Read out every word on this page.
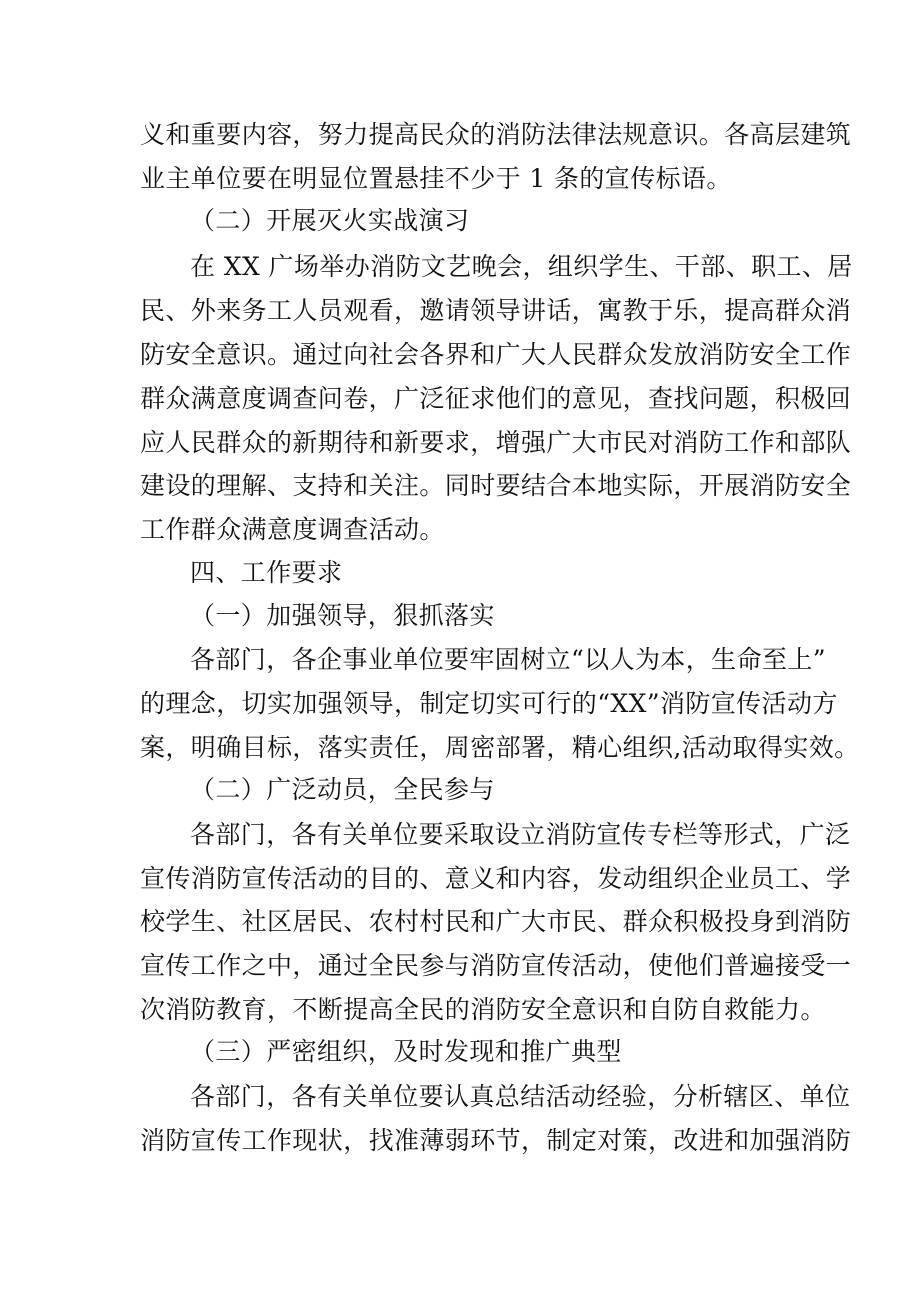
义和重要内容，努力提高民众的消防法律法规意识。各高层建筑
业主单位要在明显位置悬挂不少于 1 条的宣传标语。
（二）开展灭火实战演习
在 XX 广场举办消防文艺晚会，组织学生、干部、职工、居
民、外来务工人员观看，邀请领导讲话，寓教于乐，提高群众消
防安全意识。通过向社会各界和广大人民群众发放消防安全工作
群众满意度调查问卷，广泛征求他们的意见，查找问题，积极回
应人民群众的新期待和新要求，增强广大市民对消防工作和部队
建设的理解、支持和关注。同时要结合本地实际，开展消防安全
工作群众满意度调查活动。
四、工作要求
（一）加强领导，狠抓落实
各部门，各企事业单位要牢固树立“以人为本，生命至上”
的理念，切实加强领导，制定切实可行的“XX”消防宣传活动方
案，明确目标，落实责任，周密部署，精心组织,活动取得实效。
（二）广泛动员，全民参与
各部门，各有关单位要采取设立消防宣传专栏等形式，广泛
宣传消防宣传活动的目的、意义和内容，发动组织企业员工、学
校学生、社区居民、农村村民和广大市民、群众积极投身到消防
宣传工作之中，通过全民参与消防宣传活动，使他们普遍接受一
次消防教育，不断提高全民的消防安全意识和自防自救能力。
（三）严密组织，及时发现和推广典型
各部门，各有关单位要认真总结活动经验，分析辖区、单位
消防宣传工作现状，找准薄弱环节，制定对策，改进和加强消防
